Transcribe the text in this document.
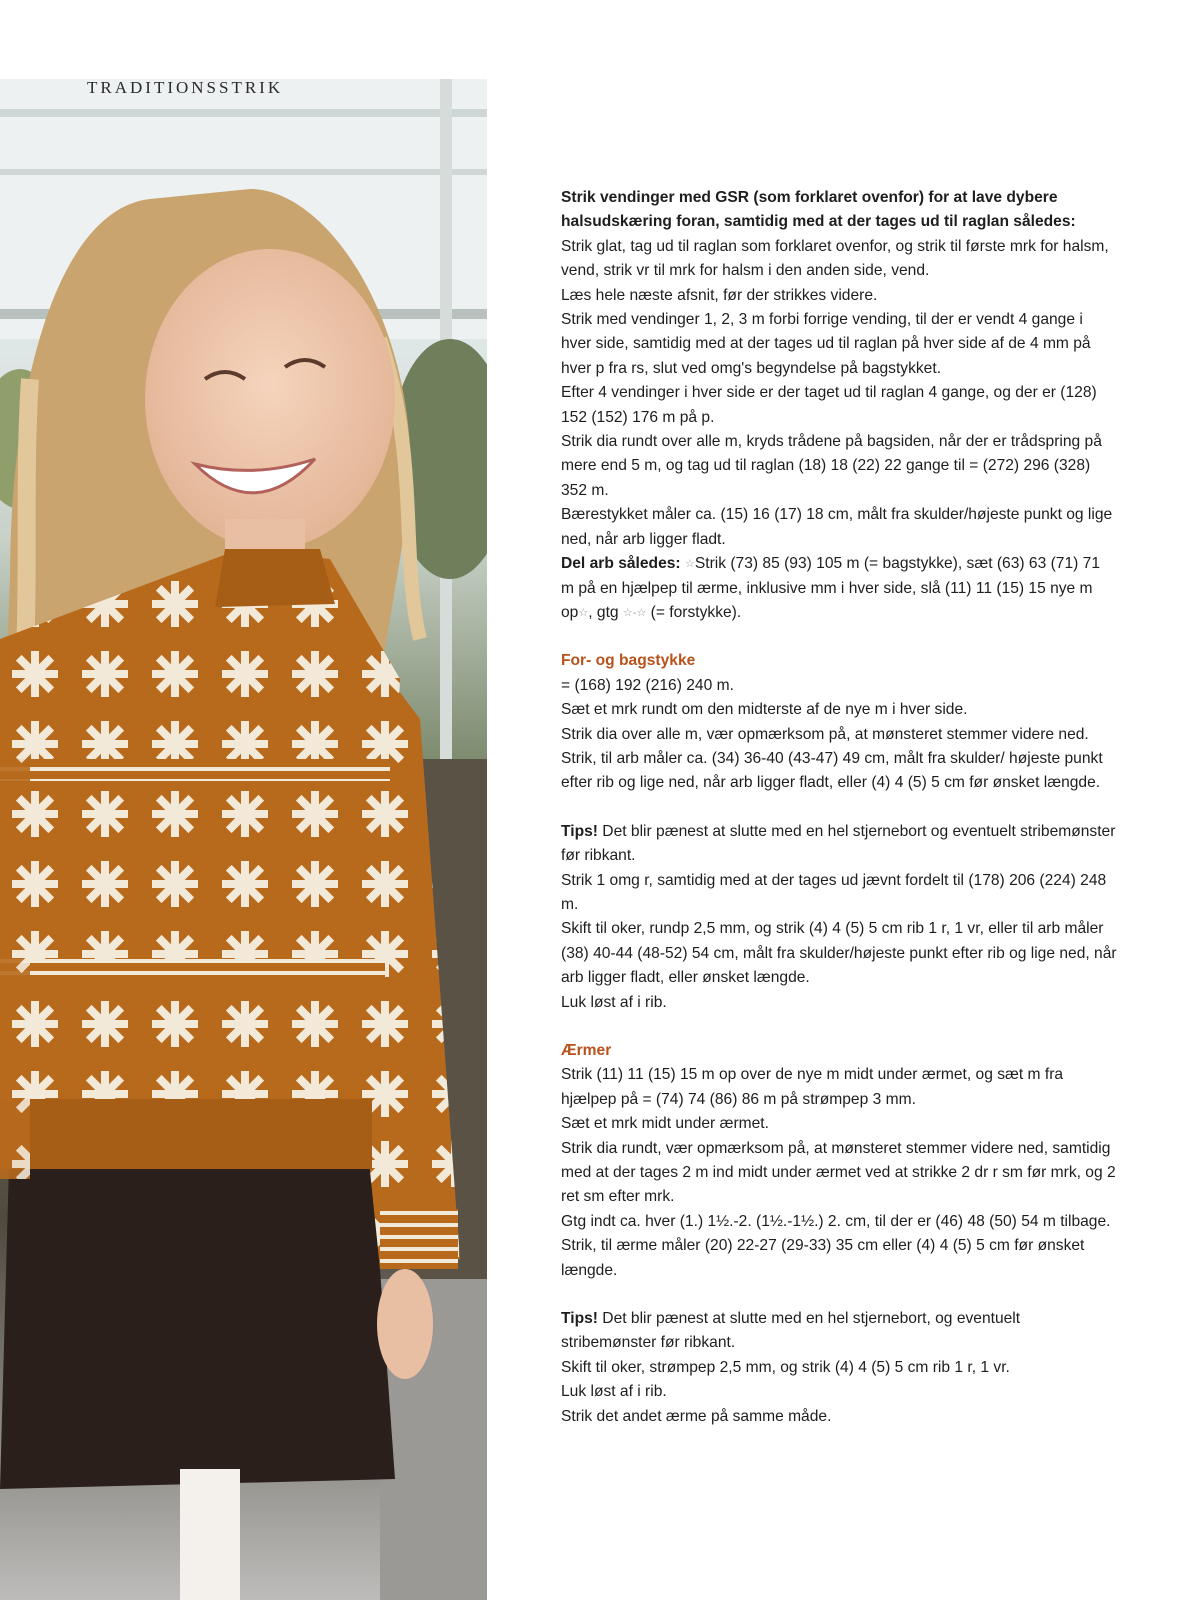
TRADITIONSSTRIK

Strik vendinger med GSR (som forklaret ovenfor) for at lave dybere halsudskæring foran, samtidig med at der tages ud til raglan således:

Strik glat, tag ud til raglan som forklaret ovenfor, og strik til første mrk for halsm, vend, strik vr til mrk for halsm i den anden side, vend.

Læs hele næste afsnit, før der strikkes videre.

Strik med vendinger 1, 2, 3 m forbi forrige vending, til der er vendt 4 gange i hver side, samtidig med at der tages ud til raglan på hver side af de 4 mm på hver p fra rs, slut ved omg's begyndelse på bagstykket.

Efter 4 vendinger i hver side er der taget ud til raglan 4 gange, og der er (128) 152 (152) 176 m på p.

Strik dia rundt over alle m, kryds trådene på bagsiden, når der er trådspring på mere end 5 m, og tag ud til raglan (18) 18 (22) 22 gange til = (272) 296 (328) 352 m.

Bærestykket måler ca. (15) 16 (17) 18 cm, målt fra skulder/højeste punkt og lige ned, når arb ligger fladt.

Del arb således: ☆Strik (73) 85 (93) 105 m (= bagstykke), sæt (63) 63 (71) 71 m på en hjælpep til ærme, inklusive mm i hver side, slå (11) 11 (15) 15 nye m op☆, gtg ☆-☆ (= forstykke).

For- og bagstykke

= (168) 192 (216) 240 m.

Sæt et mrk rundt om den midterste af de nye m i hver side.

Strik dia over alle m, vær opmærksom på, at mønsteret stemmer videre ned.

Strik, til arb måler ca. (34) 36-40 (43-47) 49 cm, målt fra skulder/ højeste punkt efter rib og lige ned, når arb ligger fladt, eller (4) 4 (5) 5 cm før ønsket længde.

Tips! Det blir pænest at slutte med en hel stjernebort og eventuelt stribemønster før ribkant.

Strik 1 omg r, samtidig med at der tages ud jævnt fordelt til (178) 206 (224) 248 m.

Skift til oker, rundp 2,5 mm, og strik (4) 4 (5) 5 cm rib 1 r, 1 vr, eller til arb måler (38) 40-44 (48-52) 54 cm, målt fra skulder/højeste punkt efter rib og lige ned, når arb ligger fladt, eller ønsket længde.

Luk løst af i rib.

Ærmer

Strik (11) 11 (15) 15 m op over de nye m midt under ærmet, og sæt m fra hjælpep på = (74) 74 (86) 86 m på strømpep 3 mm.

Sæt et mrk midt under ærmet.

Strik dia rundt, vær opmærksom på, at mønsteret stemmer videre ned, samtidig med at der tages 2 m ind midt under ærmet ved at strikke 2 dr r sm før mrk, og 2 ret sm efter mrk.

Gtg indt ca. hver (1.) 1½.-2. (1½.-1½.) 2. cm, til der er (46) 48 (50) 54 m tilbage.

Strik, til ærme måler (20) 22-27 (29-33) 35 cm eller (4) 4 (5) 5 cm før ønsket længde.

Tips! Det blir pænest at slutte med en hel stjernebort, og eventuelt stribemønster før ribkant.

Skift til oker, strømpep 2,5 mm, og strik (4) 4 (5) 5 cm rib 1 r, 1 vr.

Luk løst af i rib.

Strik det andet ærme på samme måde.
